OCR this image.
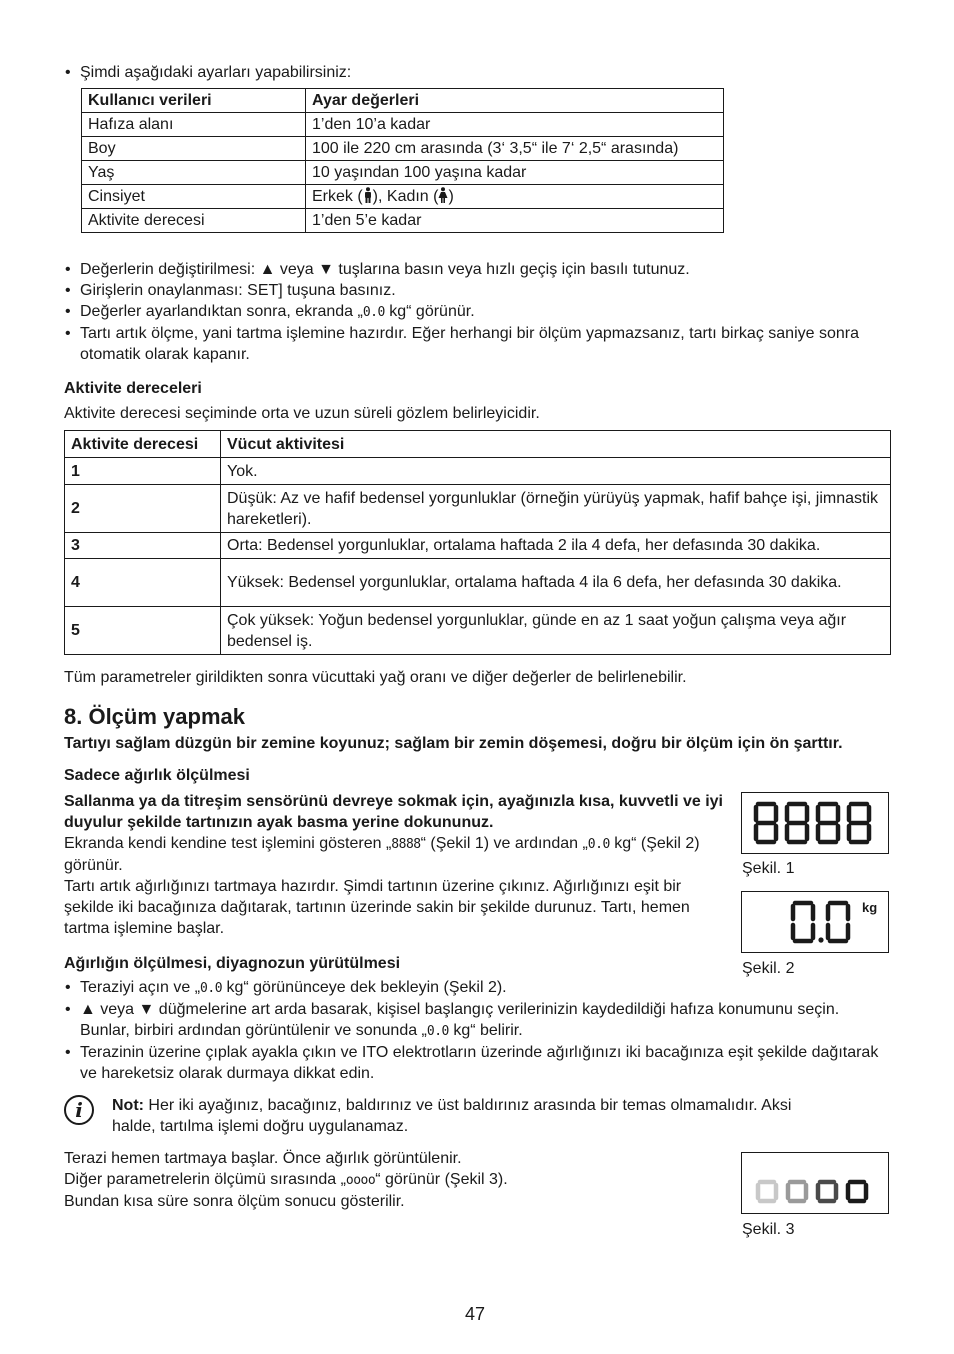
• Şimdi aşağıdaki ayarları yapabilirsiniz:
Kullanıcı verileri	Ayar değerleri
Hafıza alanı	1’den 10’a kadar
Boy	100 ile 220 cm arasında (3‘ 3,5“ ile 7‘ 2,5“ arasında)
Yaş	10 yaşından 100 yaşına kadar
Cinsiyet	Erkek ( ), Kadın ( )
Aktivite derecesi	1’den 5’e kadar
• Değerlerin değiştirilmesi: ▲ veya ▼ tuşlarına basın veya hızlı geçiş için basılı tutunuz.
• Girişlerin onaylanması: SET] tuşuna basınız.
• Değerler ayarlandıktan sonra, ekranda „0.0 kg“ görünür.
• Tartı artık ölçme, yani tartma işlemine hazırdır. Eğer herhangi bir ölçüm yapmazsanız, tartı birkaç saniye sonra otomatik olarak kapanır.
Aktivite dereceleri
Aktivite derecesi seçiminde orta ve uzun süreli gözlem belirleyicidir.
Aktivite derecesi	Vücut aktivitesi
1	Yok.
2	Düşük: Az ve hafif bedensel yorgunluklar (örneğin yürüyüş yapmak, hafif bahçe işi, jimnastik hareketleri).
3	Orta: Bedensel yorgunluklar, ortalama haftada 2 ila 4 defa, her defasında 30 dakika.
4	Yüksek: Bedensel yorgunluklar, ortalama haftada 4 ila 6 defa, her defasında 30 dakika.
5	Çok yüksek: Yoğun bedensel yorgunluklar, günde en az 1 saat yoğun çalışma veya ağır bedensel iş.
Tüm parametreler girildikten sonra vücuttaki yağ oranı ve diğer değerler de belirlenebilir.
8. Ölçüm yapmak
Tartıyı sağlam düzgün bir zemine koyunuz; sağlam bir zemin döşemesi, doğru bir ölçüm için ön şarttır.
Sadece ağırlık ölçülmesi
Sallanma ya da titreşim sensörünü devreye sokmak için, ayağınızla kısa, kuvvetli ve iyi duyulur şekilde tartınızın ayak basma yerine dokununuz.
Ekranda kendi kendine test işlemini gösteren „8888“ (Şekil 1) ve ardından „0.0 kg“ (Şekil 2) görünür.
Tartı artık ağırlığınızı tartmaya hazırdır. Şimdi tartının üzerine çıkınız. Ağırlığınızı eşit bir şekilde iki bacağınıza dağıtarak, tartının üzerinde sakin bir şekilde durunuz. Tartı, hemen tartma işlemine başlar.
Ağırlığın ölçülmesi, diyagnozun yürütülmesi
• Teraziyi açın ve „0.0 kg“ görününceye dek bekleyin (Şekil 2).
• ▲ veya ▼ düğmelerine art arda basarak, kişisel başlangıç verilerinizin kaydedildiği hafıza konumunu seçin. Bunlar, birbiri ardından görüntülenir ve sonunda „0.0 kg“ belirir.
• Terazinin üzerine çıplak ayakla çıkın ve ITO elektrotların üzerinde ağırlığınızı iki bacağınıza eşit şekilde dağıtarak ve hareketsiz olarak durmaya dikkat edin.
i	Not: Her iki ayağınız, bacağınız, baldırınız ve üst baldırınız arasında bir temas olmamalıdır. Aksi halde, tartılma işlemi doğru uygulanamaz.
Terazi hemen tartmaya başlar. Önce ağırlık görüntülenir.
Diğer parametrelerin ölçümü sırasında „oooo“ görünür (Şekil 3).
Bundan kısa süre sonra ölçüm sonucu gösterilir.
Şekil. 1
kg
Şekil. 2
Şekil. 3
47
